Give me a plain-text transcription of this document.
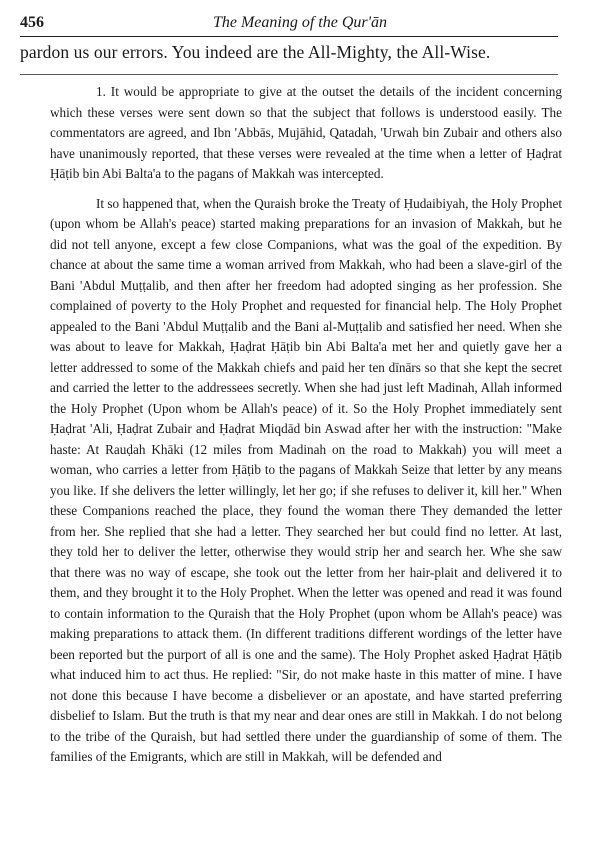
456	The Meaning of the Qur'ān
pardon us our errors. You indeed are the All-Mighty, the All-Wise.

1. It would be appropriate to give at the outset the details of the incident concerning which these verses were sent down so that the subject that follows is understood easily. The commentators are agreed, and Ibn 'Abbās, Mujāhid, Qatadah, 'Urwah bin Zubair and others also have unanimously reported, that these verses were revealed at the time when a letter of Ḥaḍrat Ḥāṭib bin Abi Balta'a to the pagans of Makkah was intercepted.

It so happened that, when the Quraish broke the Treaty of Ḥudaibiyah, the Holy Prophet (upon whom be Allah's peace) started making preparations for an invasion of Makkah, but he did not tell anyone, except a few close Companions, what was the goal of the expedition. By chance at about the same time a woman arrived from Makkah, who had been a slave-girl of the Bani 'Abdul Muṭṭalib, and then after her freedom had adopted singing as her profession. She complained of poverty to the Holy Prophet and requested for financial help. The Holy Prophet appealed to the Bani 'Abdul Muṭṭalib and the Bani al-Muṭṭalib and satisfied her need. When she was about to leave for Makkah, Ḥaḍrat Ḥāṭib bin Abi Balta'a met her and quietly gave her a letter addressed to some of the Makkah chiefs and paid her ten dīnārs so that she kept the secret and carried the letter to the addressees secretly. When she had just left Madinah, Allah informed the Holy Prophet (Upon whom be Allah's peace) of it. So the Holy Prophet immediately sent Ḥaḍrat 'Ali, Ḥaḍrat Zubair and Ḥaḍrat Miqdād bin Aswad after her with the instruction: "Make haste: At Rauḍah Khāki (12 miles from Madinah on the road to Makkah) you will meet a woman, who carries a letter from Ḥāṭib to the pagans of Makkah Seize that letter by any means you like. If she delivers the letter willingly, let her go; if she refuses to deliver it, kill her." When these Companions reached the place, they found the woman there They demanded the letter from her. She replied that she had a letter. They searched her but could find no letter. At last, they told her to deliver the letter, otherwise they would strip her and search her. Whe she saw that there was no way of escape, she took out the letter from her hair-plait and delivered it to them, and they brought it to the Holy Prophet. When the letter was opened and read it was found to contain information to the Quraish that the Holy Prophet (upon whom be Allah's peace) was making preparations to attack them. (In different traditions different wordings of the letter have been reported but the purport of all is one and the same). The Holy Prophet asked Ḥaḍrat Ḥāṭib what induced him to act thus. He replied: "Sir, do not make haste in this matter of mine. I have not done this because I have become a disbeliever or an apostate, and have started preferring disbelief to Islam. But the truth is that my near and dear ones are still in Makkah. I do not belong to the tribe of the Quraish, but had settled there under the guardianship of some of them. The families of the Emigrants, which are still in Makkah, will be defended and
